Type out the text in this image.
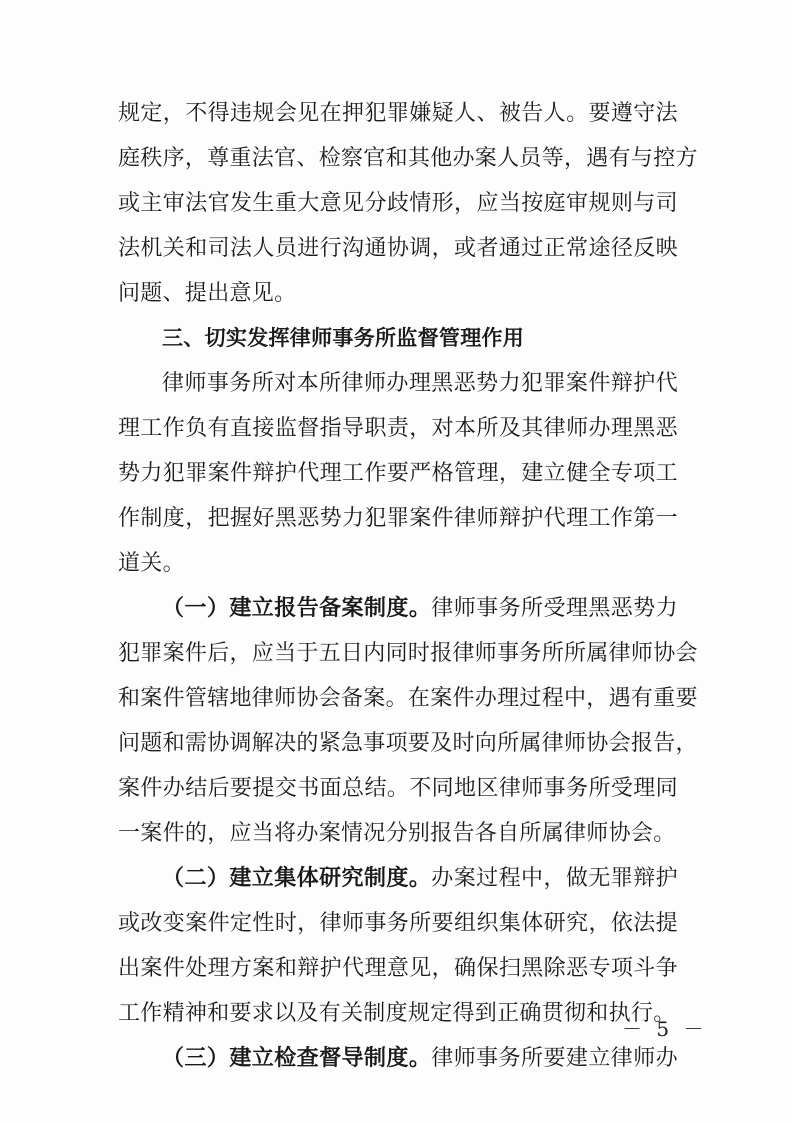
规定，不得违规会见在押犯罪嫌疑人、被告人。要遵守法
庭秩序，尊重法官、检察官和其他办案人员等，遇有与控方
或主审法官发生重大意见分歧情形，应当按庭审规则与司
法机关和司法人员进行沟通协调，或者通过正常途径反映
问题、提出意见。
三、切实发挥律师事务所监督管理作用
律师事务所对本所律师办理黑恶势力犯罪案件辩护代
理工作负有直接监督指导职责，对本所及其律师办理黑恶
势力犯罪案件辩护代理工作要严格管理，建立健全专项工
作制度，把握好黑恶势力犯罪案件律师辩护代理工作第一
道关。
（一）建立报告备案制度。律师事务所受理黑恶势力
犯罪案件后，应当于五日内同时报律师事务所所属律师协会
和案件管辖地律师协会备案。在案件办理过程中，遇有重要
问题和需协调解决的紧急事项要及时向所属律师协会报告，
案件办结后要提交书面总结。不同地区律师事务所受理同
一案件的，应当将办案情况分别报告各自所属律师协会。
（二）建立集体研究制度。办案过程中，做无罪辩护
或改变案件定性时，律师事务所要组织集体研究，依法提
出案件处理方案和辩护代理意见，确保扫黑除恶专项斗争
工作精神和要求以及有关制度规定得到正确贯彻和执行。
（三）建立检查督导制度。律师事务所要建立律师办
－ 5 －
